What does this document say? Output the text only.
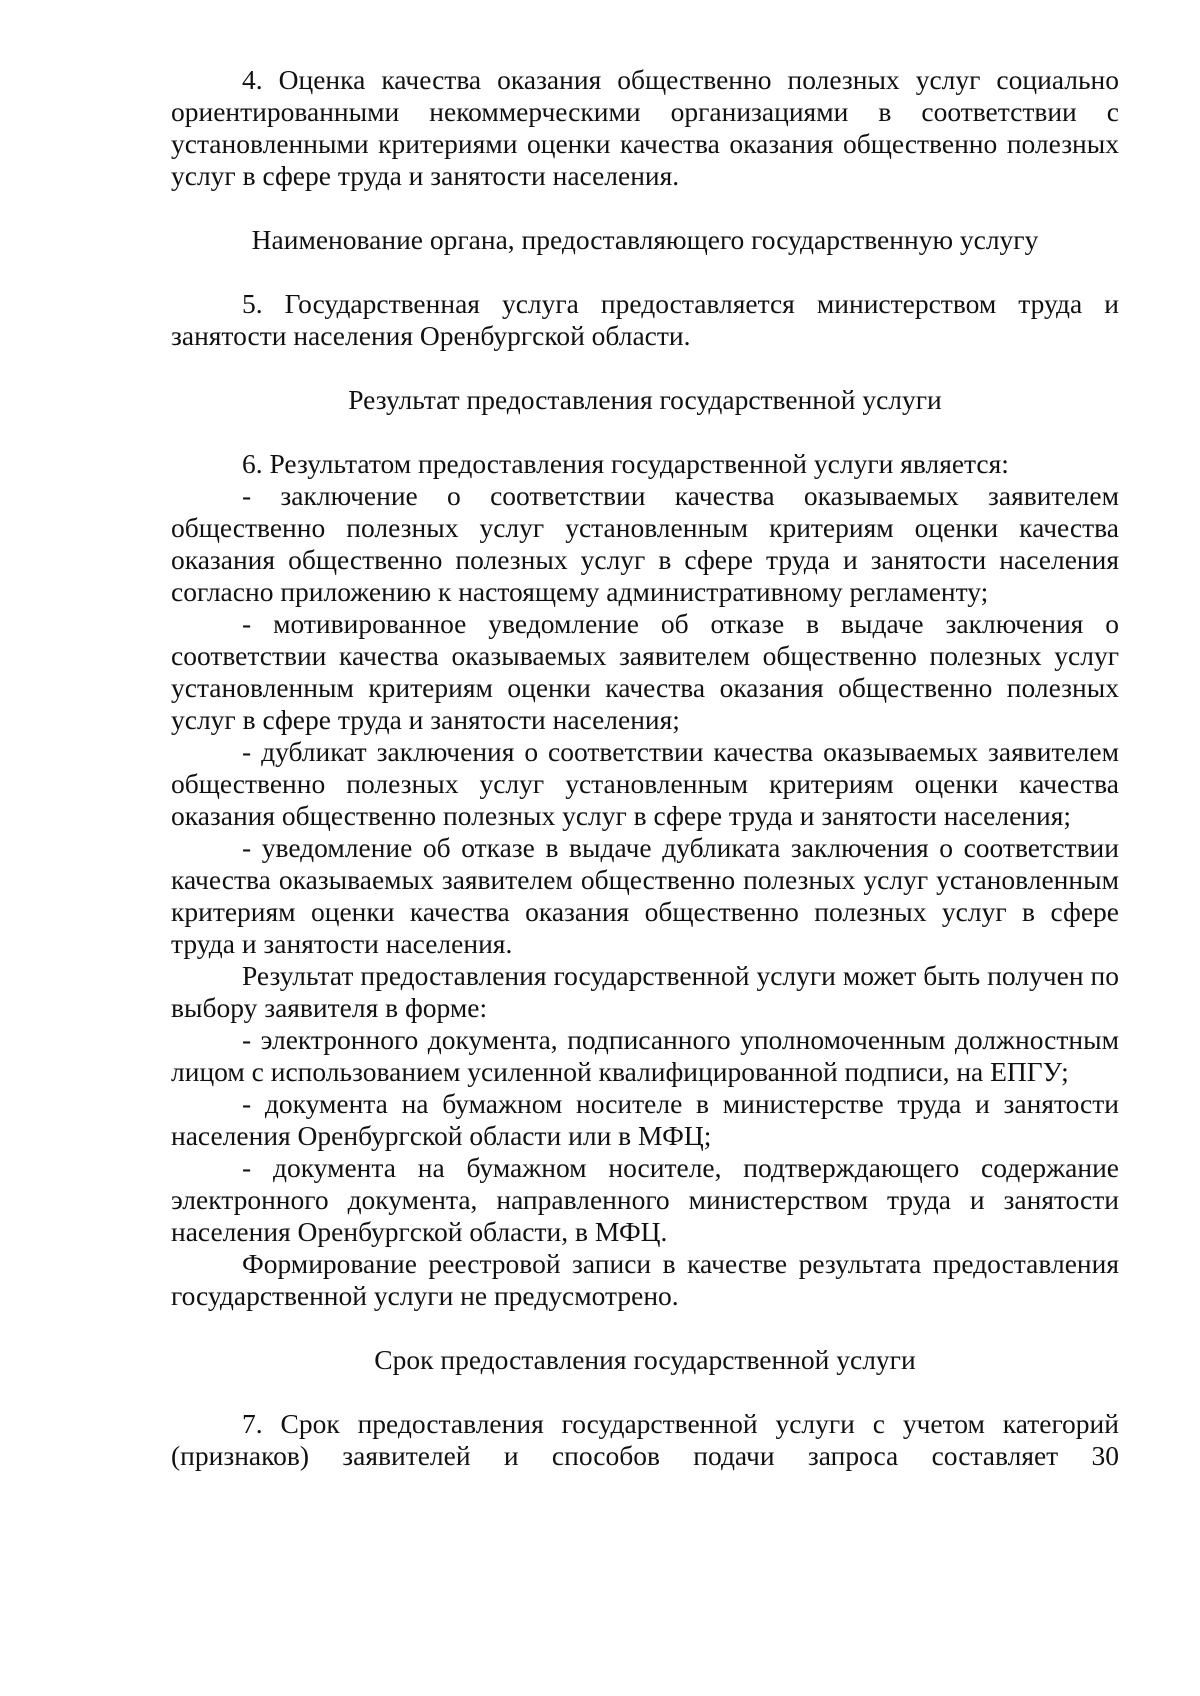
4. Оценка качества оказания общественно полезных услуг социально ориентированными некоммерческими организациями в соответствии с установленными критериями оценки качества оказания общественно полезных услуг в сфере труда и занятости населения.

Наименование органа, предоставляющего государственную услугу

5. Государственная услуга предоставляется министерством труда и занятости населения Оренбургской области.

Результат предоставления государственной услуги

6. Результатом предоставления государственной услуги является:

- заключение о соответствии качества оказываемых заявителем общественно полезных услуг установленным критериям оценки качества оказания общественно полезных услуг в сфере труда и занятости населения согласно приложению к настоящему административному регламенту;

- мотивированное уведомление об отказе в выдаче заключения о соответствии качества оказываемых заявителем общественно полезных услуг установленным критериям оценки качества оказания общественно полезных услуг в сфере труда и занятости населения;

- дубликат заключения о соответствии качества оказываемых заявителем общественно полезных услуг установленным критериям оценки качества оказания общественно полезных услуг в сфере труда и занятости населения;

- уведомление об отказе в выдаче дубликата заключения о соответствии качества оказываемых заявителем общественно полезных услуг установленным критериям оценки качества оказания общественно полезных услуг в сфере труда и занятости населения.

Результат предоставления государственной услуги может быть получен по выбору заявителя в форме:

- электронного документа, подписанного уполномоченным должностным лицом с использованием усиленной квалифицированной подписи, на ЕПГУ;

- документа на бумажном носителе в министерстве труда и занятости населения Оренбургской области или в МФЦ;

- документа на бумажном носителе, подтверждающего содержание электронного документа, направленного министерством труда и занятости населения Оренбургской области, в МФЦ.

Формирование реестровой записи в качестве результата предоставления государственной услуги не предусмотрено.

Срок предоставления государственной услуги

7. Срок предоставления государственной услуги с учетом категорий (признаков) заявителей и способов подачи запроса составляет 30
